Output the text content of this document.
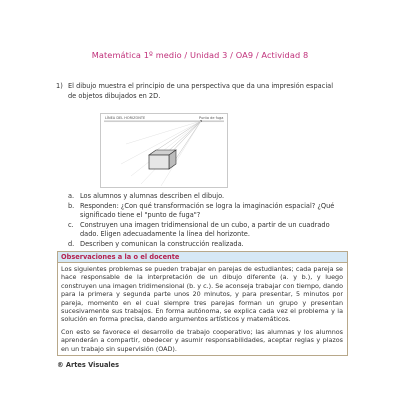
Matemática 1º medio / Unidad 3 / OA9 / Actividad 8
1) El dibujo muestra el principio de una perspectiva que da una impresión espacial de objetos dibujados en 2D.
LÍNEA DEL HORIZONTE	Punto de fuga
a. Los alumnos y alumnas describen el dibujo.
b. Responden: ¿Con qué transformación se logra la imaginación espacial? ¿Qué significado tiene el "punto de fuga"?
c. Construyen una imagen tridimensional de un cubo, a partir de un cuadrado dado. Eligen adecuadamente la línea del horizonte.
d. Describen y comunican la construcción realizada.
Observaciones a la o el docente

Los siguientes problemas se pueden trabajar en parejas de estudiantes; cada pareja se hace responsable de la interpretación de un dibujo diferente (a. y b.), y luego construyen una imagen tridimensional (b. y c.). Se aconseja trabajar con tiempo, dando para la primera y segunda parte unos 20 minutos, y para presentar, 5 minutos por pareja, momento en el cual siempre tres parejas forman un grupo y presentan sucesivamente sus trabajos. En forma autónoma, se explica cada vez el problema y la solución en forma precisa, dando argumentos artísticos y matemáticos.

Con esto se favorece el desarrollo de trabajo cooperativo; las alumnas y los alumnos aprenderán a compartir, obedecer y asumir responsabilidades, aceptar reglas y plazos en un trabajo sin supervisión (OAD).

® Artes Visuales
